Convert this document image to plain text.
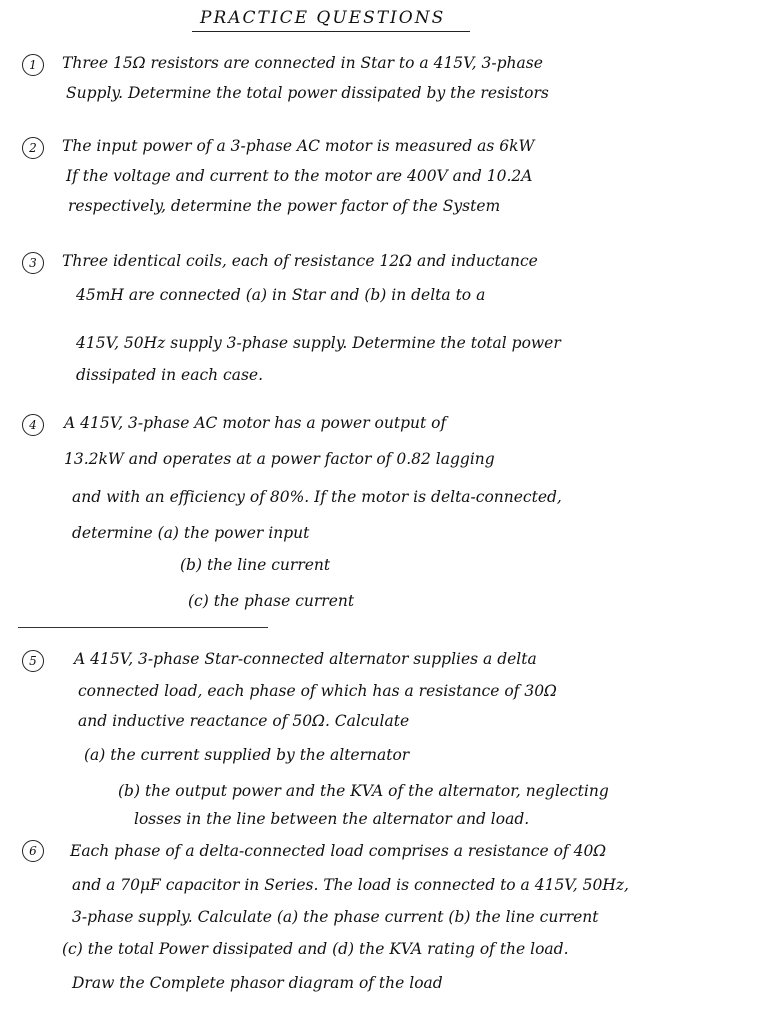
PRACTICE QUESTIONS
1	Three 15Ω resistors are connected in Star to a 415V, 3-phase
Supply. Determine the total power dissipated by the resistors
2	The input power of a 3-phase AC motor is measured as 6kW
If the voltage and current to the motor are 400V and 10.2A
respectively, determine the power factor of the System
3	Three identical coils, each of resistance 12Ω and inductance
45mH are connected (a) in Star and (b) in delta to a
415V, 50Hz supply 3-phase supply. Determine the total power
dissipated in each case.
4	A 415V, 3-phase AC motor has a power output of
13.2kW and operates at a power factor of 0.82 lagging
and with an efficiency of 80%. If the motor is delta-connected,
determine (a) the power input
(b) the line current
(c) the phase current
5	A 415V, 3-phase Star-connected alternator supplies a delta
connected load, each phase of which has a resistance of 30Ω
and inductive reactance of 50Ω. Calculate
(a) the current supplied by the alternator
(b) the output power and the KVA of the alternator, neglecting
losses in the line between the alternator and load.
6	Each phase of a delta-connected load comprises a resistance of 40Ω
and a 70μF capacitor in Series. The load is connected to a 415V, 50Hz,
3-phase supply. Calculate (a) the phase current (b) the line current
(c) the total Power dissipated and (d) the KVA rating of the load.
Draw the Complete phasor diagram of the load
